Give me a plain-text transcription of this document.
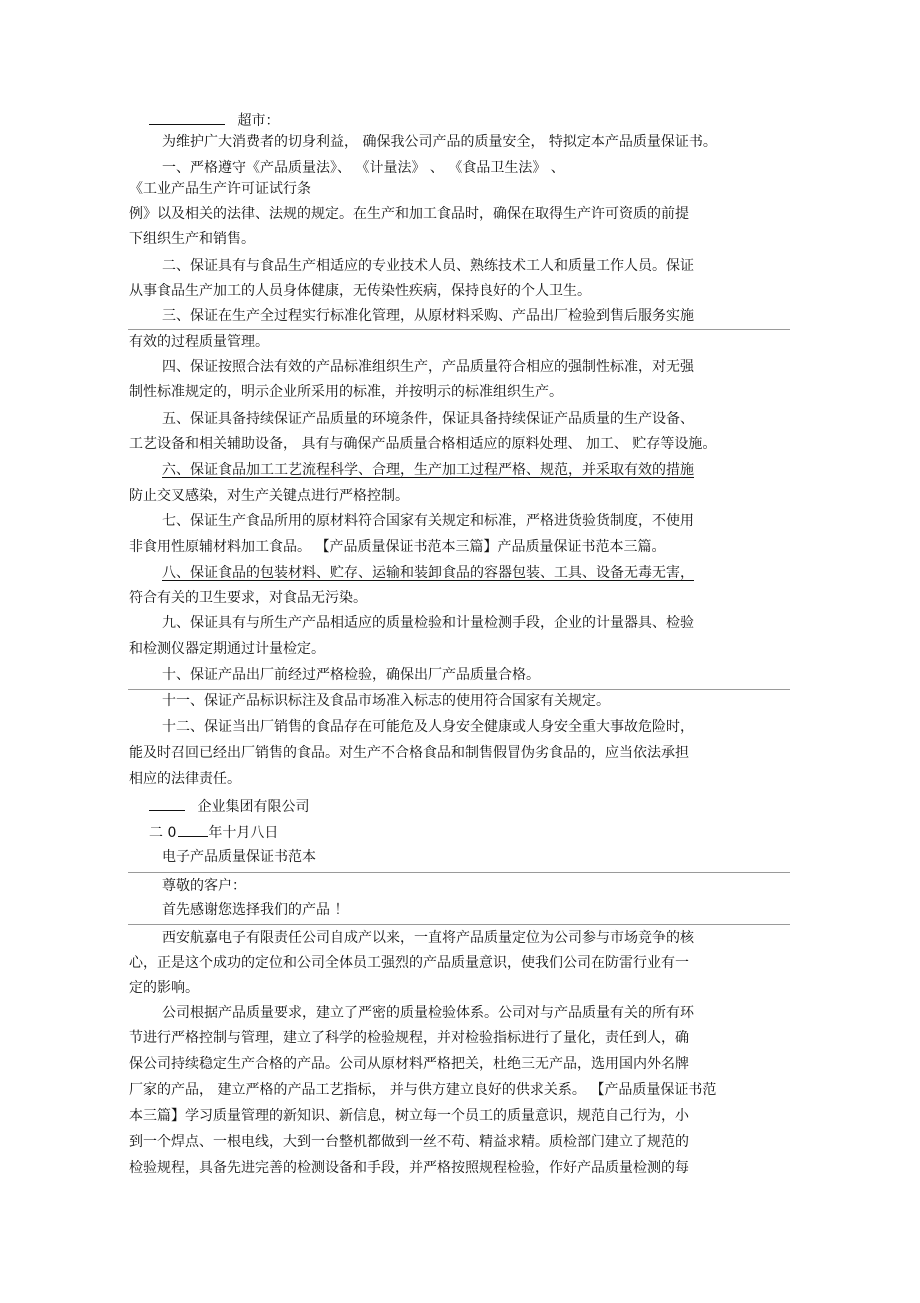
超市：
为维护广大消费者的切身利益， 确保我公司产品的质量安全， 特拟定本产品质量保证书。
一、严格遵守《产品质量法》、 《计量法》 、 《食品卫生法》 、
《工业产品生产许可证试行条
例》以及相关的法律、法规的规定。在生产和加工食品时，确保在取得生产许可资质的前提
下组织生产和销售。
二、保证具有与食品生产相适应的专业技术人员、熟练技术工人和质量工作人员。保证
从事食品生产加工的人员身体健康，无传染性疾病，保持良好的个人卫生。
三、保证在生产全过程实行标准化管理，从原材料采购、产品出厂检验到售后服务实施
有效的过程质量管理。
四、保证按照合法有效的产品标准组织生产，产品质量符合相应的强制性标准，对无强
制性标准规定的，明示企业所采用的标准，并按明示的标准组织生产。
五、保证具备持续保证产品质量的环境条件，保证具备持续保证产品质量的生产设备、
工艺设备和相关辅助设备， 具有与确保产品质量合格相适应的原料处理、 加工、 贮存等设施。
六、保证食品加工工艺流程科学、合理，生产加工过程严格、规范，并采取有效的措施
防止交叉感染，对生产关键点进行严格控制。
七、保证生产食品所用的原材料符合国家有关规定和标准，严格进货验货制度，不使用
非食用性原辅材料加工食品。 【产品质量保证书范本三篇】产品质量保证书范本三篇。
八、保证食品的包装材料、贮存、运输和装卸食品的容器包装、工具、设备无毒无害，
符合有关的卫生要求，对食品无污染。
九、保证具有与所生产产品相适应的质量检验和计量检测手段，企业的计量器具、检验
和检测仪器定期通过计量检定。
十、保证产品出厂前经过严格检验，确保出厂产品质量合格。
十一、保证产品标识标注及食品市场准入标志的使用符合国家有关规定。
十二、保证当出厂销售的食品存在可能危及人身安全健康或人身安全重大事故危险时，
能及时召回已经出厂销售的食品。对生产不合格食品和制售假冒伪劣食品的，应当依法承担
相应的法律责任。
企业集团有限公司
二 0 年十月八日
电子产品质量保证书范本
尊敬的客户：
首先感谢您选择我们的产品 ！
西安航嘉电子有限责任公司自成产以来，一直将产品质量定位为公司参与市场竞争的核
心，正是这个成功的定位和公司全体员工强烈的产品质量意识，使我们公司在防雷行业有一
定的影响。
公司根据产品质量要求，建立了严密的质量检验体系。公司对与产品质量有关的所有环
节进行严格控制与管理，建立了科学的检验规程，并对检验指标进行了量化，责任到人，确
保公司持续稳定生产合格的产品。公司从原材料严格把关，杜绝三无产品，选用国内外名牌
厂家的产品， 建立严格的产品工艺指标， 并与供方建立良好的供求关系。 【产品质量保证书范
本三篇】学习质量管理的新知识、新信息，树立每一个员工的质量意识，规范自己行为，小
到一个焊点、一根电线，大到一台整机都做到一丝不苟、精益求精。质检部门建立了规范的
检验规程，具备先进完善的检测设备和手段，并严格按照规程检验，作好产品质量检测的每
